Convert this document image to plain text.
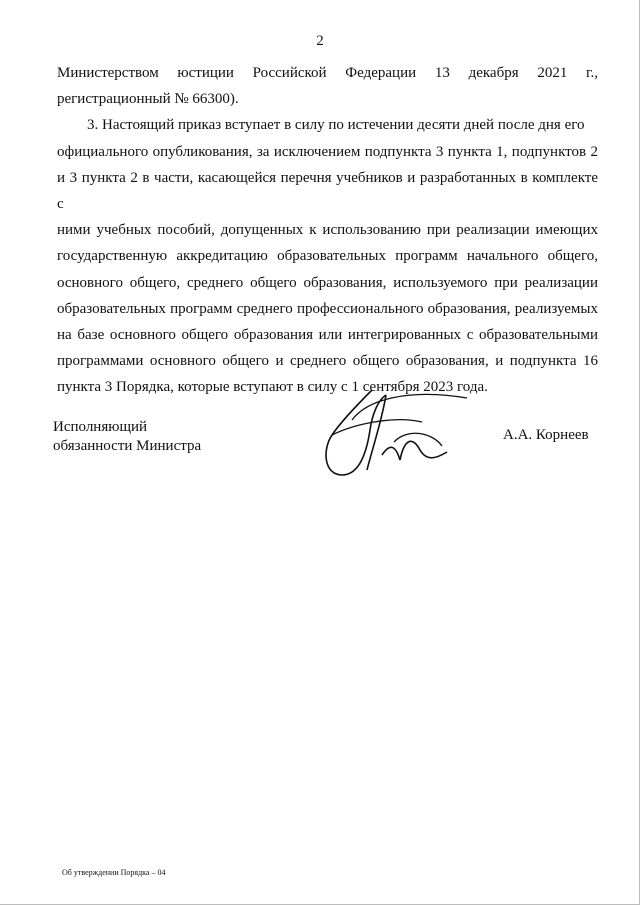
2
Министерством юстиции Российской Федерации 13 декабря 2021 г.,
регистрационный № 66300).
3. Настоящий приказ вступает в силу по истечении десяти дней после дня его
официального опубликования, за исключением подпункта 3 пункта 1, подпунктов 2
и 3 пункта 2 в части, касающейся перечня учебников и разработанных в комплекте с
ними учебных пособий, допущенных к использованию при реализации имеющих
государственную аккредитацию образовательных программ начального общего,
основного общего, среднего общего образования, используемого при реализации
образовательных программ среднего профессионального образования, реализуемых
на базе основного общего образования или интегрированных с образовательными
программами основного общего и среднего общего образования, и подпункта 16
пункта 3 Порядка, которые вступают в силу с 1 сентября 2023 года.
Исполняющий
обязанности Министра
А.А. Корнеев
Об утверждении Порядка – 04
